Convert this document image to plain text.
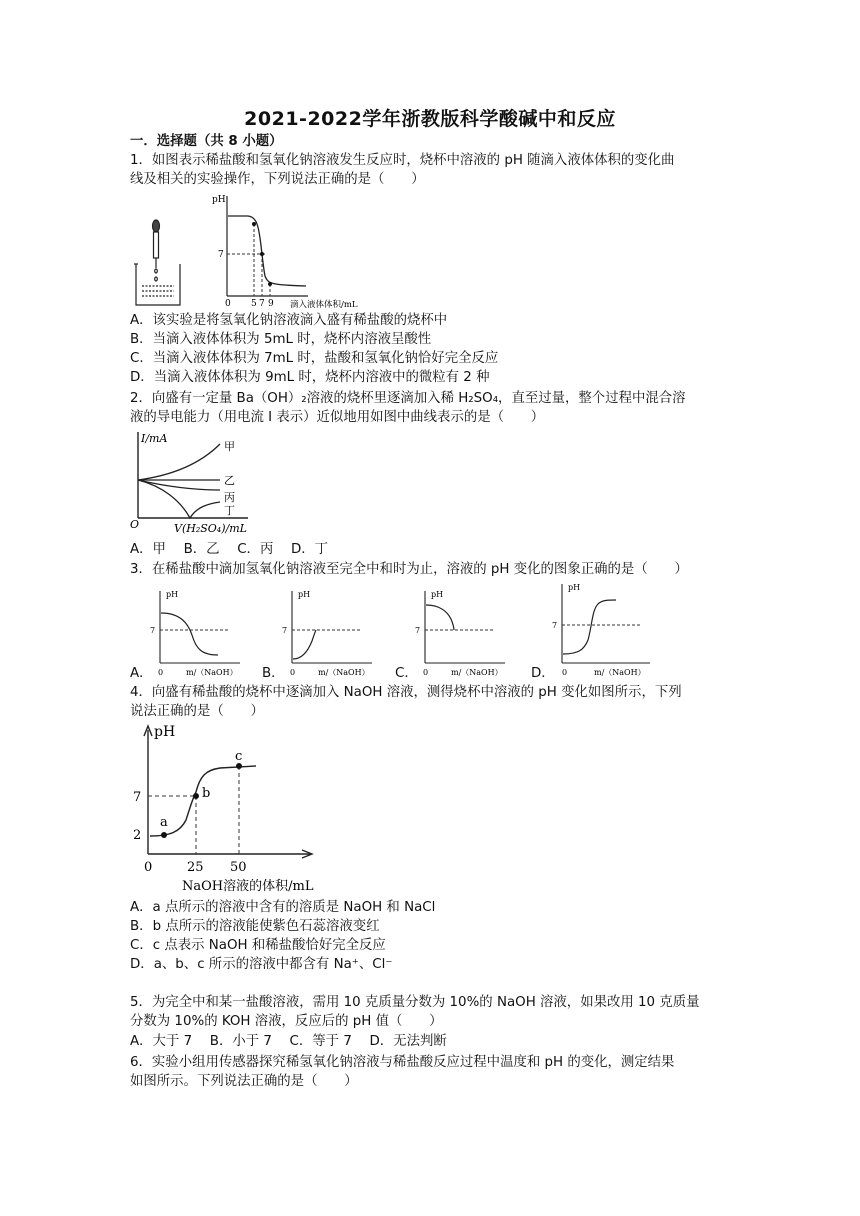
2021-2022学年浙教版科学酸碱中和反应
一．选择题（共 8 小题）
1．如图表示稀盐酸和氢氧化钠溶液发生反应时，烧杯中溶液的 pH 随滴入液体体积的变化曲
线及相关的实验操作，下列说法正确的是（　　）
pH
7
0 5 7 9 滴入液体体积/mL
A．该实验是将氢氧化钠溶液滴入盛有稀盐酸的烧杯中
B．当滴入液体体积为 5mL 时，烧杯内溶液呈酸性
C．当滴入液体体积为 7mL 时，盐酸和氢氧化钠恰好完全反应
D．当滴入液体体积为 9mL 时，烧杯内溶液中的微粒有 2 种
2．向盛有一定量 Ba（OH）₂溶液的烧杯里逐滴加入稀 H₂SO₄，直至过量，整个过程中混合溶
液的导电能力（用电流 I 表示）近似地用如图中曲线表示的是（　　）
I/mA
O	V(H₂SO₄)/mL
甲
乙
丙
丁
A．甲　 B．乙　 C．丙　 D．丁
3．在稀盐酸中滴加氢氧化钠溶液至完全中和时为止，溶液的 pH 变化的图象正确的是（　　）
A．
pH
7
0	m/（NaOH） B．
pH
7
0	m/（NaOH） C．
pH
7
0	m/（NaOH） D．
pH
7
0	m/（NaOH）
4．向盛有稀盐酸的烧杯中逐滴加入 NaOH 溶液，测得烧杯中溶液的 pH 变化如图所示，下列
说法正确的是（　　）
pH
2
7
a
b
c
0	25 50
NaOH溶液的体积/mL
A．a 点所示的溶液中含有的溶质是 NaOH 和 NaCl
B．b 点所示的溶液能使紫色石蕊溶液变红
C．c 点表示 NaOH 和稀盐酸恰好完全反应
D．a、b、c 所示的溶液中都含有 Na⁺、Cl⁻
5．为完全中和某一盐酸溶液，需用 10 克质量分数为 10%的 NaOH 溶液，如果改用 10 克质量
分数为 10%的 KOH 溶液，反应后的 pH 值（　　）
A．大于 7　 B．小于 7　 C．等于 7　 D．无法判断
6．实验小组用传感器探究稀氢氧化钠溶液与稀盐酸反应过程中温度和 pH 的变化，测定结果
如图所示。下列说法正确的是（　　）
